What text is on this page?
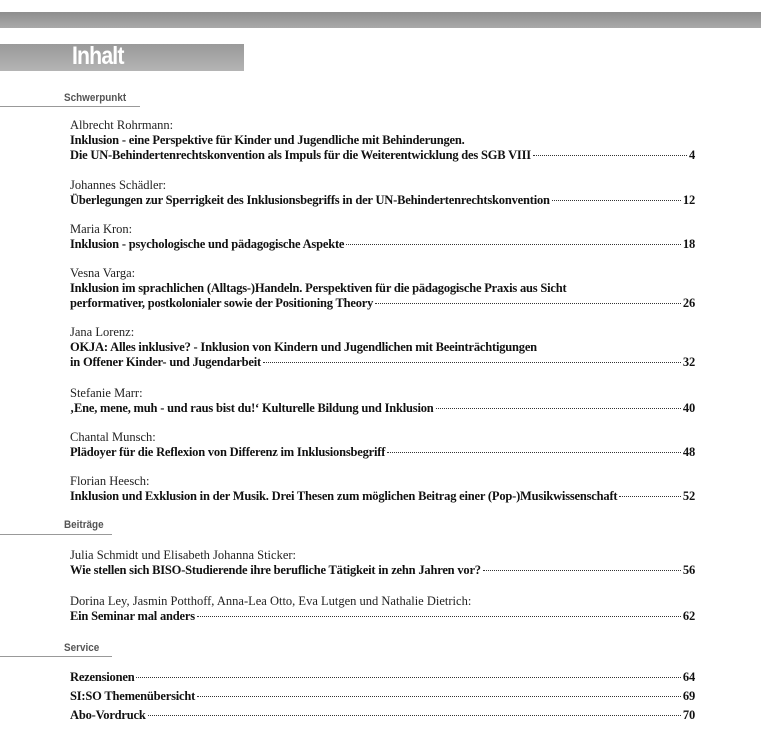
Inhalt
Schwerpunkt
Albrecht Rohrmann:
Inklusion - eine Perspektive für Kinder und Jugendliche mit Behinderungen.
Die UN-Behindertenrechtskonvention als Impuls für die Weiterentwicklung des SGB VIII	4
Johannes Schädler:
Überlegungen zur Sperrigkeit des Inklusionsbegriffs in der UN-Behindertenrechtskonvention	12
Maria Kron:
Inklusion - psychologische und pädagogische Aspekte	18
Vesna Varga:
Inklusion im sprachlichen (Alltags-)Handeln. Perspektiven für die pädagogische Praxis aus Sicht
performativer, postkolonialer sowie der Positioning Theory	26
Jana Lorenz:
OKJA: Alles inklusive? - Inklusion von Kindern und Jugendlichen mit Beeinträchtigungen
in Offener Kinder- und Jugendarbeit	32
Stefanie Marr:
‚Ene, mene, muh - und raus bist du!‘ Kulturelle Bildung und Inklusion	40
Chantal Munsch:
Plädoyer für die Reflexion von Differenz im Inklusionsbegriff	48
Florian Heesch:
Inklusion und Exklusion in der Musik. Drei Thesen zum möglichen Beitrag einer (Pop-)Musikwissenschaft	52
Beiträge
Julia Schmidt und Elisabeth Johanna Sticker:
Wie stellen sich BISO-Studierende ihre berufliche Tätigkeit in zehn Jahren vor?	56
Dorina Ley, Jasmin Potthoff, Anna-Lea Otto, Eva Lutgen und Nathalie Dietrich:
Ein Seminar mal anders	62
Service
Rezensionen	64
SI:SO Themenübersicht	69
Abo-Vordruck	70
